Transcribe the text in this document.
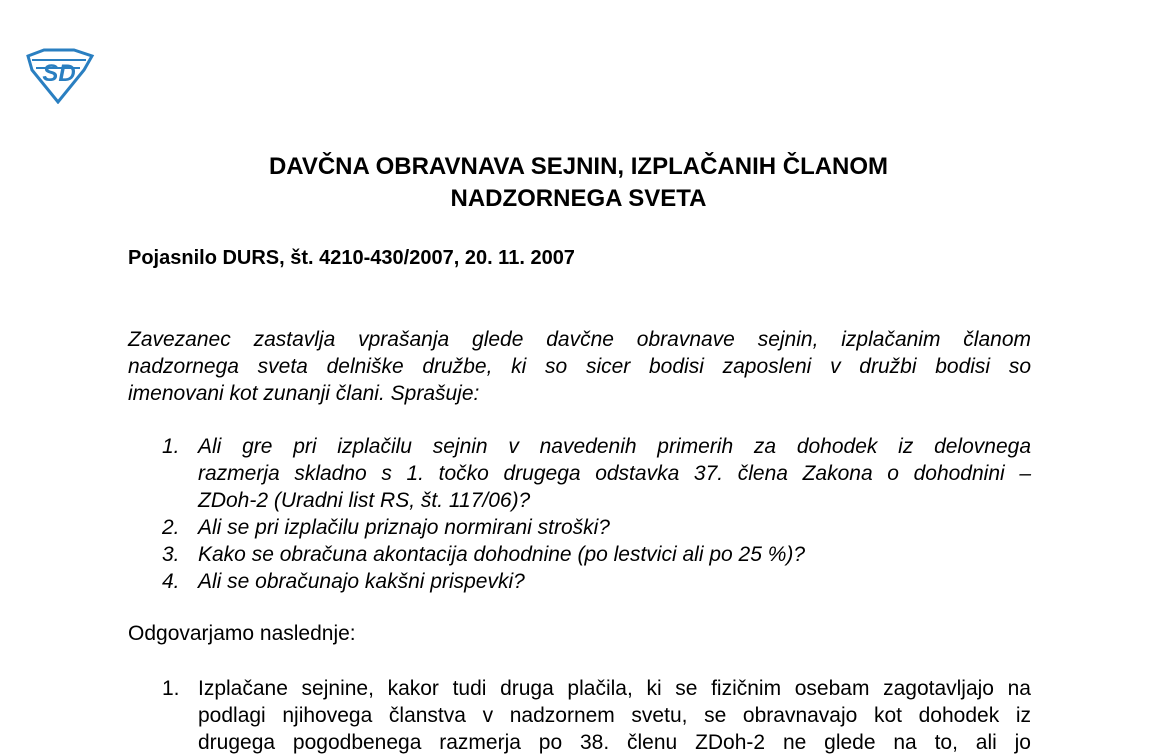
SD
DAVČNA OBRAVNAVA SEJNIN, IZPLAČANIH ČLANOM
NADZORNEGA SVETA
Pojasnilo DURS, št. 4210-430/2007, 20. 11. 2007
Zavezanec zastavlja vprašanja glede davčne obravnave sejnin, izplačanim članom
nadzornega sveta delniške družbe, ki so sicer bodisi zaposleni v družbi bodisi so
imenovani kot zunanji člani. Sprašuje:
1. Ali gre pri izplačilu sejnin v navedenih primerih za dohodek iz delovnega
razmerja skladno s 1. točko drugega odstavka 37. člena Zakona o dohodnini –
ZDoh-2 (Uradni list RS, št. 117/06)?
2. Ali se pri izplačilu priznajo normirani stroški?
3. Kako se obračuna akontacija dohodnine (po lestvici ali po 25 %)?
4. Ali se obračunajo kakšni prispevki?
Odgovarjamo naslednje:
1. Izplačane sejnine, kakor tudi druga plačila, ki se fizičnim osebam zagotavljajo na
podlagi njihovega članstva v nadzornem svetu, se obravnavajo kot dohodek iz
drugega pogodbenega razmerja po 38. členu ZDoh-2 ne glede na to, ali jo
